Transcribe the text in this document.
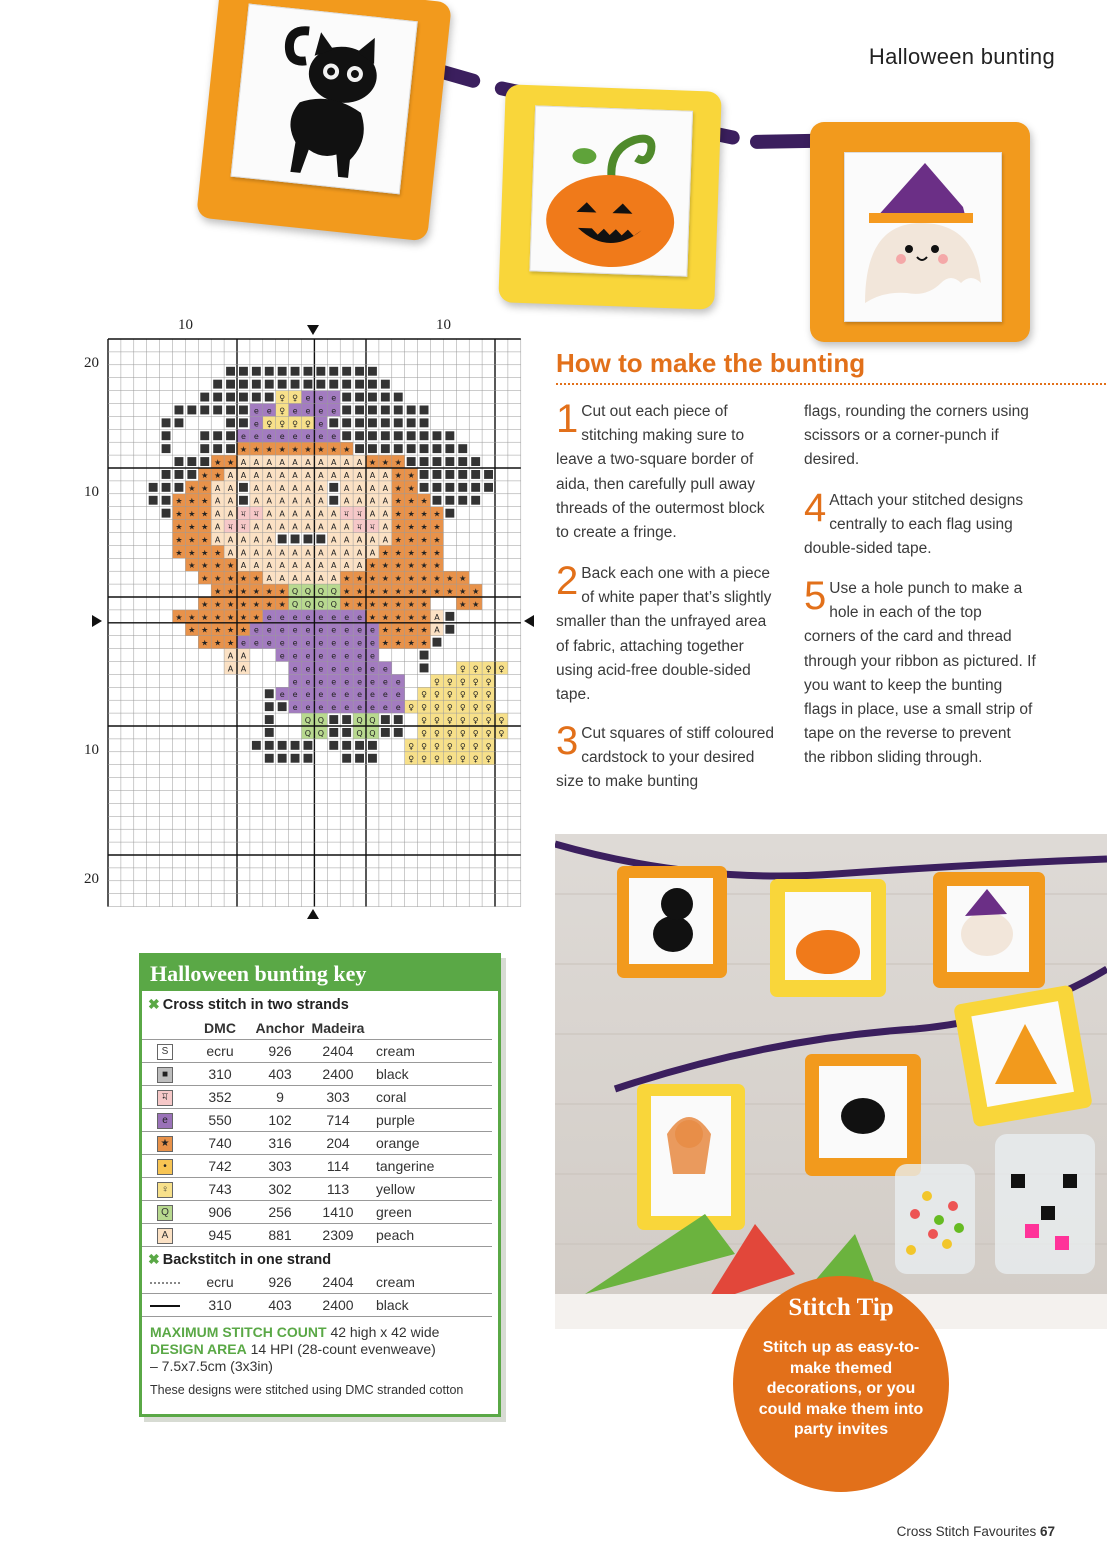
Halloween bunting
10	10
20
10
10
20
♀ ♀ e e e
e e ♀ e e e e
e ♀ ♀ ♀ ♀ e
e e e e e e e e
★ ★ ★ ★ ★ ★ ★ ★ ★
★ ★ A A A A A A A A A A ★ ★ ★
★ ★ A A A A A A A A A A A A A ★ ★
★ ★ A A	A A A A A A	A A A A ★ ★
★ ★ ★ A A	A A A A A A	A A A A ★ ★ ★
★ ★ ★ A A ম ম A A A A A A ম ম A A ★ ★ ★ ★
★ ★ ★ A ম ম A A A A A A A A ম ম A ★ ★ ★ ★
★ ★ ★ A A A A A	A A A A A ★ ★ ★ ★
★ ★ ★ ★ A A A A A A A A A A A A ★ ★ ★ ★ ★
★ ★ ★ ★ A A A A A A A A A A ★ ★ ★ ★ ★ ★
★ ★ ★ ★ ★ A A A A A A ★ ★ ★ ★ ★ ★ ★ ★ ★ ★
★ ★ ★ ★ ★ ★ Q Q Q Q ★ ★ ★ ★ ★ ★ ★ ★ ★ ★ ★
★ ★ ★ ★ ★ ★ ★ Q Q Q Q ★ ★ ★ ★ ★ ★ ★	★ ★
★ ★ ★ ★ ★ ★ ★ e e e e e e e e ★ ★ ★ ★ ★ A
★ ★ ★ ★ ★ e e e e e e e e e e ★ ★ ★ ★ A
★ ★ ★ e e e e e e e e e e e ★ ★ ★ ★
A A	e e e e e e e e
A A	e e e e e e e e	♀ ♀ ♀ ♀
e e e e e e e e e	♀ ♀ ♀ ♀ ♀
e e e e e e e e e e	♀ ♀ ♀ ♀ ♀ ♀
e e e e e e e e e ♀ ♀ ♀ ♀ ♀ ♀ ♀
Q Q	Q Q	♀ ♀ ♀ ♀ ♀ ♀ ♀
Q Q	Q Q	♀ ♀ ♀ ♀ ♀ ♀ ♀
♀ ♀ ♀ ♀ ♀ ♀ ♀
♀ ♀ ♀ ♀ ♀ ♀ ♀
How to make the bunting
1 Cut out each piece of stitching making sure to leave a two-square border of aida, then carefully pull away threads of the outermost block to create a fringe.
2 Back each one with a piece of white paper that’s slightly smaller than the unfrayed area of fabric, attaching together using acid-free double-sided tape.
3 Cut squares of stiff coloured cardstock to your desired size to make bunting
flags, rounding the corners using scissors or a corner-punch if desired.
4 Attach your stitched designs centrally to each flag using double-sided tape.
5 Use a hole punch to make a hole in each of the top corners of the card and thread through your ribbon as pictured. If you want to keep the bunting flags in place, use a small strip of tape on the reverse to prevent the ribbon sliding through.
Halloween bunting key
✖ Cross stitch in two strands
	DMC	Anchor	Madeira	
S	ecru	926	2404	cream
■	310	403	2400	black
ম	352	9	303	coral
e	550	102	714	purple
★	740	316	204	orange
•	742	303	114	tangerine
♀	743	302	113	yellow
Q	906	256	1410	green
A	945	881	2309	peach
✖ Backstitch in one strand
	ecru	926	2404	cream
	310	403	2400	black
MAXIMUM STITCH COUNT 42 high x 42 wide
DESIGN AREA 14 HPI (28-count evenweave)
– 7.5x7.5cm (3x3in)
These designs were stitched using DMC stranded cotton
Stitch Tip
Stitch up as easy-to-make themed decorations, or you could make them into party invites
Cross Stitch Favourites 67
